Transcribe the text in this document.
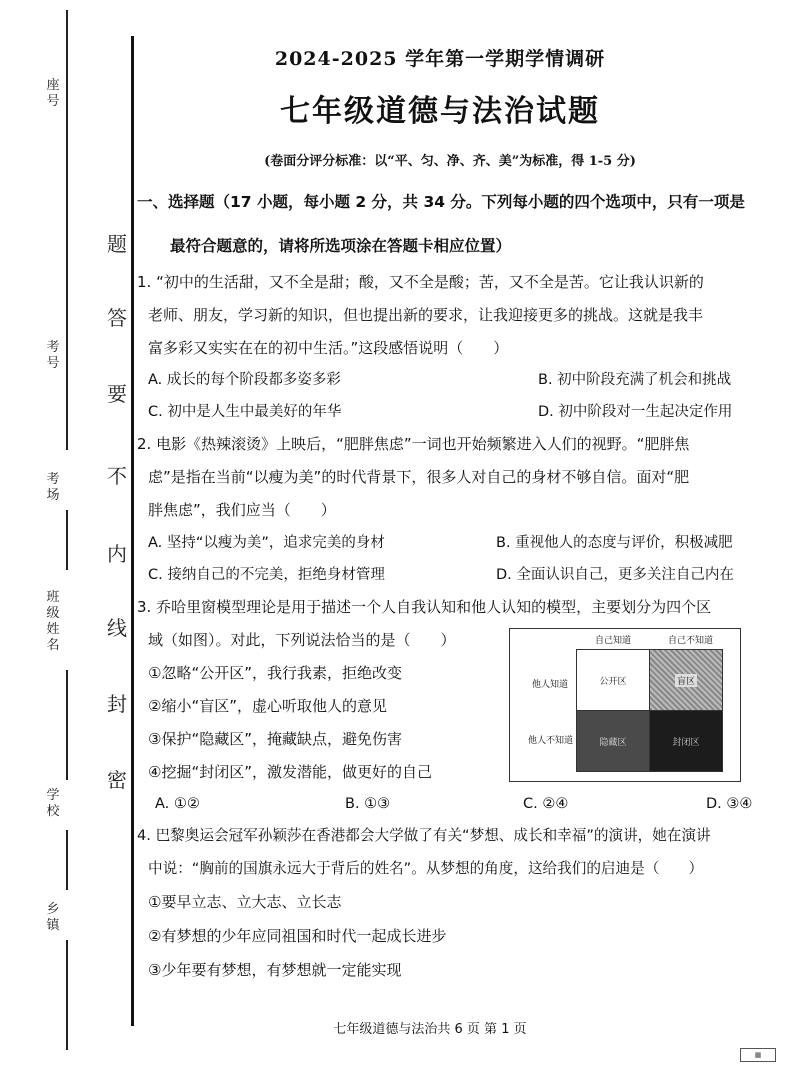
座号
考号
考场
班级 姓名
学校
乡镇
题
答
要
不
内
线
封
密
2024-2025 学年第一学期学情调研
七年级道德与法治试题
(卷面分评分标准：以“平、匀、净、齐、美”为标准，得 1-5 分)
一、选择题（17 小题，每小题 2 分，共 34 分。下列每小题的四个选项中，只有一项是
最符合题意的，请将所选项涂在答题卡相应位置）
1. “初中的生活甜，又不全是甜；酸，又不全是酸；苦，又不全是苦。它让我认识新的
老师、朋友，学习新的知识，但也提出新的要求，让我迎接更多的挑战。这就是我丰
富多彩又实实在在的初中生活。”这段感悟说明（　　）
A. 成长的每个阶段都多姿多彩	B. 初中阶段充满了机会和挑战
C. 初中是人生中最美好的年华	D. 初中阶段对一生起决定作用
2. 电影《热辣滚烫》上映后，“肥胖焦虑”一词也开始频繁进入人们的视野。“肥胖焦
虑”是指在当前“以瘦为美”的时代背景下，很多人对自己的身材不够自信。面对“肥
胖焦虑”，我们应当（　　）
A. 坚持“以瘦为美”，追求完美的身材	B. 重视他人的态度与评价，积极减肥
C. 接纳自己的不完美，拒绝身材管理	D. 全面认识自己，更多关注自己内在
3. 乔哈里窗模型理论是用于描述一个人自我认知和他人认知的模型，主要划分为四个区
域（如图）。对此，下列说法恰当的是（　　）
①忽略“公开区”，我行我素，拒绝改变
②缩小“盲区”，虚心听取他人的意见
③保护“隐藏区”，掩藏缺点，避免伤害
④挖掘“封闭区”，激发潜能，做更好的自己
A. ①②	B. ①③	C. ②④	D. ③④
自己知道	自己不知道
他人知道
他人不知道
公开区	盲区
隐藏区	封闭区
4. 巴黎奥运会冠军孙颖莎在香港都会大学做了有关“梦想、成长和幸福”的演讲，她在演讲
中说：“胸前的国旗永远大于背后的姓名”。从梦想的角度，这给我们的启迪是（　　）
①要早立志、立大志、立长志
②有梦想的少年应同祖国和时代一起成长进步
③少年要有梦想，有梦想就一定能实现
七年级道德与法治共 6 页 第 1 页
▦
